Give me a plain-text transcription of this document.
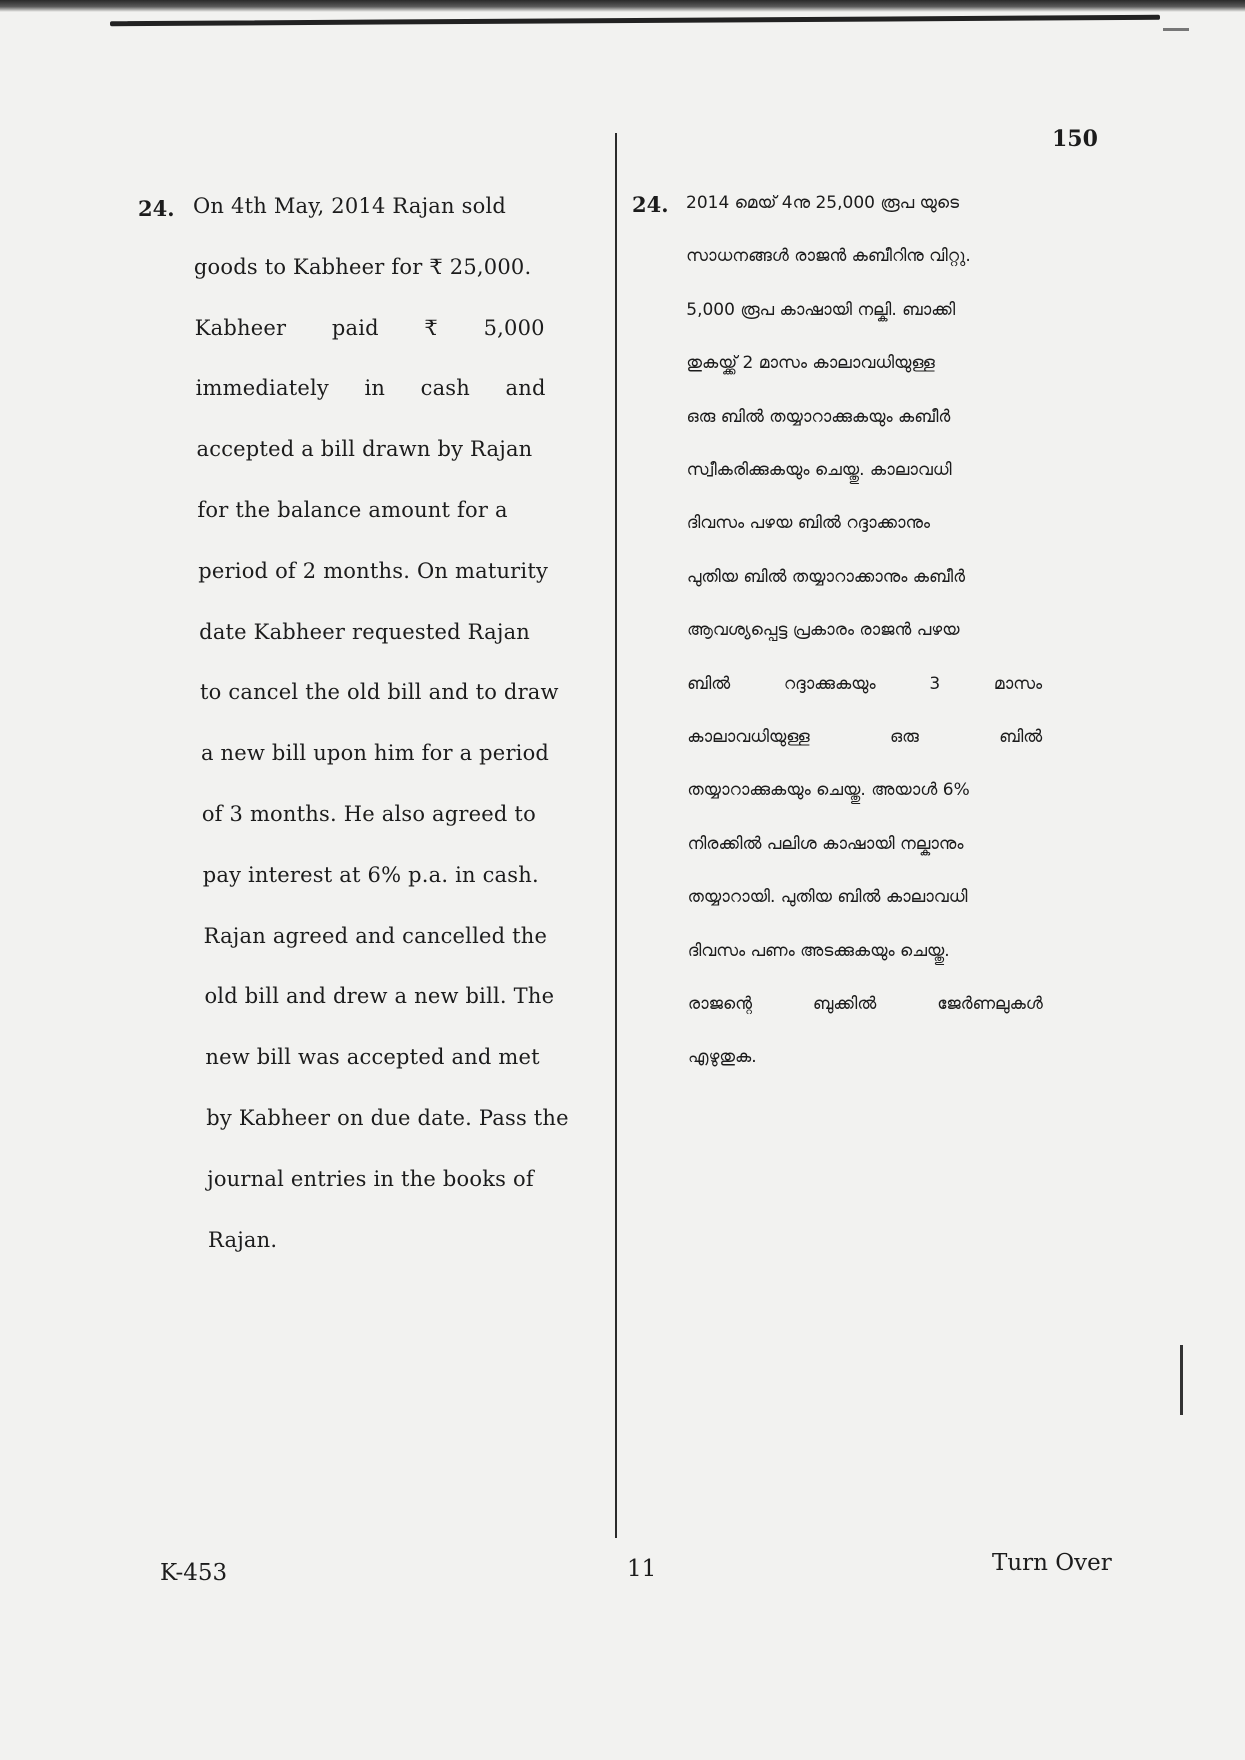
150
24. On 4th May, 2014 Rajan sold
goods to Kabheer for ₹ 25,000.
Kabheer paid ₹ 5,000
immediately in cash and
accepted a bill drawn by Rajan
for the balance amount for a
period of 2 months. On maturity
date Kabheer requested Rajan
to cancel the old bill and to draw
a new bill upon him for a period
of 3 months. He also agreed to
pay interest at 6% p.a. in cash.
Rajan agreed and cancelled the
old bill and drew a new bill. The
new bill was accepted and met
by Kabheer on due date. Pass the
journal entries in the books of
Rajan.
24. 2014 മെയ് 4നു 25,000 രൂപ യുടെ
സാധനങ്ങൾ രാജൻ കബീറിനു വിറ്റു.
5,000 രൂപ കാഷായി നല്കി. ബാക്കി
തുകയ്ക്ക് 2 മാസം കാലാവധിയുള്ള
ഒരു ബിൽ തയ്യാറാക്കുകയും കബീർ
സ്വീകരിക്കുകയും ചെയ്തു. കാലാവധി
ദിവസം പഴയ ബിൽ റദ്ദാക്കാനും
പുതിയ ബിൽ തയ്യാറാക്കാനും കബീർ
ആവശ്യപ്പെട്ട പ്രകാരം രാജൻ പഴയ
ബിൽ	റദ്ദാക്കുകയും	3	മാസം
കാലാവധിയുള്ള	ഒരു	ബിൽ
തയ്യാറാക്കുകയും ചെയ്തു. അയാൾ 6%
നിരക്കിൽ പലിശ കാഷായി നല്കാനും
തയ്യാറായി. പുതിയ ബിൽ കാലാവധി
ദിവസം പണം അടക്കുകയും ചെയ്തു.
രാജന്റെ	ബുക്കിൽ	ജേർണലുകൾ
എഴുതുക.
K-453	11	Turn Over
